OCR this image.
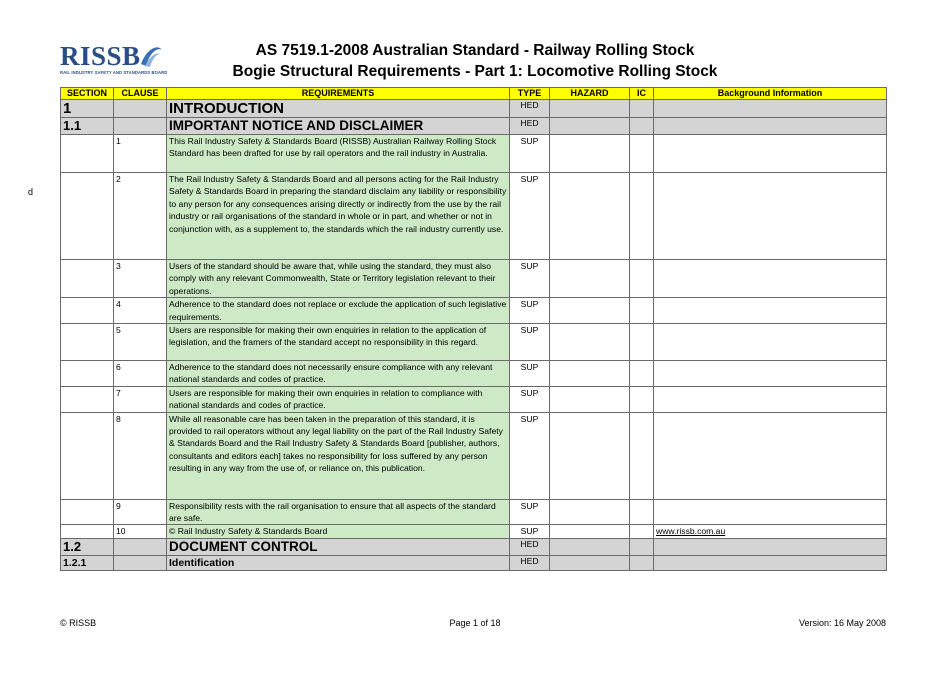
RISSB
RAIL INDUSTRY SAFETY AND STANDARDS BOARD
AS 7519.1-2008 Australian Standard - Railway Rolling Stock
Bogie Structural Requirements - Part 1: Locomotive Rolling Stock
p
SECTION	CLAUSE	REQUIREMENTS	TYPE	HAZARD	IC	Background Information
1		INTRODUCTION	HED			
1.1		IMPORTANT NOTICE AND DISCLAIMER	HED			
	1	This Rail Industry Safety & Standards Board (RISSB) Australian Railway Rolling Stock Standard has been drafted for use by rail operators and the rail industry in Australia.	SUP			
	2	The Rail Industry Safety & Standards Board and all persons acting for the Rail Industry Safety & Standards Board in preparing the standard disclaim any liability or responsibility to any person for any consequences arising directly or indirectly from the use by the rail industry or rail organisations of the standard in whole or in part, and whether or not in conjunction with, as a supplement to, the standards which the rail industry currently use.	SUP			
	3	Users of the standard should be aware that, while using the standard, they must also comply with any relevant Commonwealth, State or Territory legislation relevant to their operations.	SUP			
	4	Adherence to the standard does not replace or exclude the application of such legislative requirements.	SUP			
	5	Users are responsible for making their own enquiries in relation to the application of legislation, and the framers of the standard accept no responsibility in this regard.	SUP			
	6	Adherence to the standard does not necessarily ensure compliance with any relevant national standards and codes of practice.	SUP			
	7	Users are responsible for making their own enquiries in relation to compliance with national standards and codes of practice.	SUP			
	8	While all reasonable care has been taken in the preparation of this standard, it is provided to rail operators without any legal liability on the part of the Rail Industry Safety & Standards Board and the Rail Industry Safety & Standards Board [publisher, authors, consultants and editors each] takes no responsibility for loss suffered by any person resulting in any way from the use of, or reliance on, this publication.	SUP			
	9	Responsibility rests with the rail organisation to ensure that all aspects of the standard are safe.	SUP			
	10	© Rail Industry Safety & Standards Board	SUP			www.rissb.com.au
1.2		DOCUMENT CONTROL	HED			
1.2.1		Identification	HED			
© RISSB	Page 1 of 18	Version: 16 May 2008
